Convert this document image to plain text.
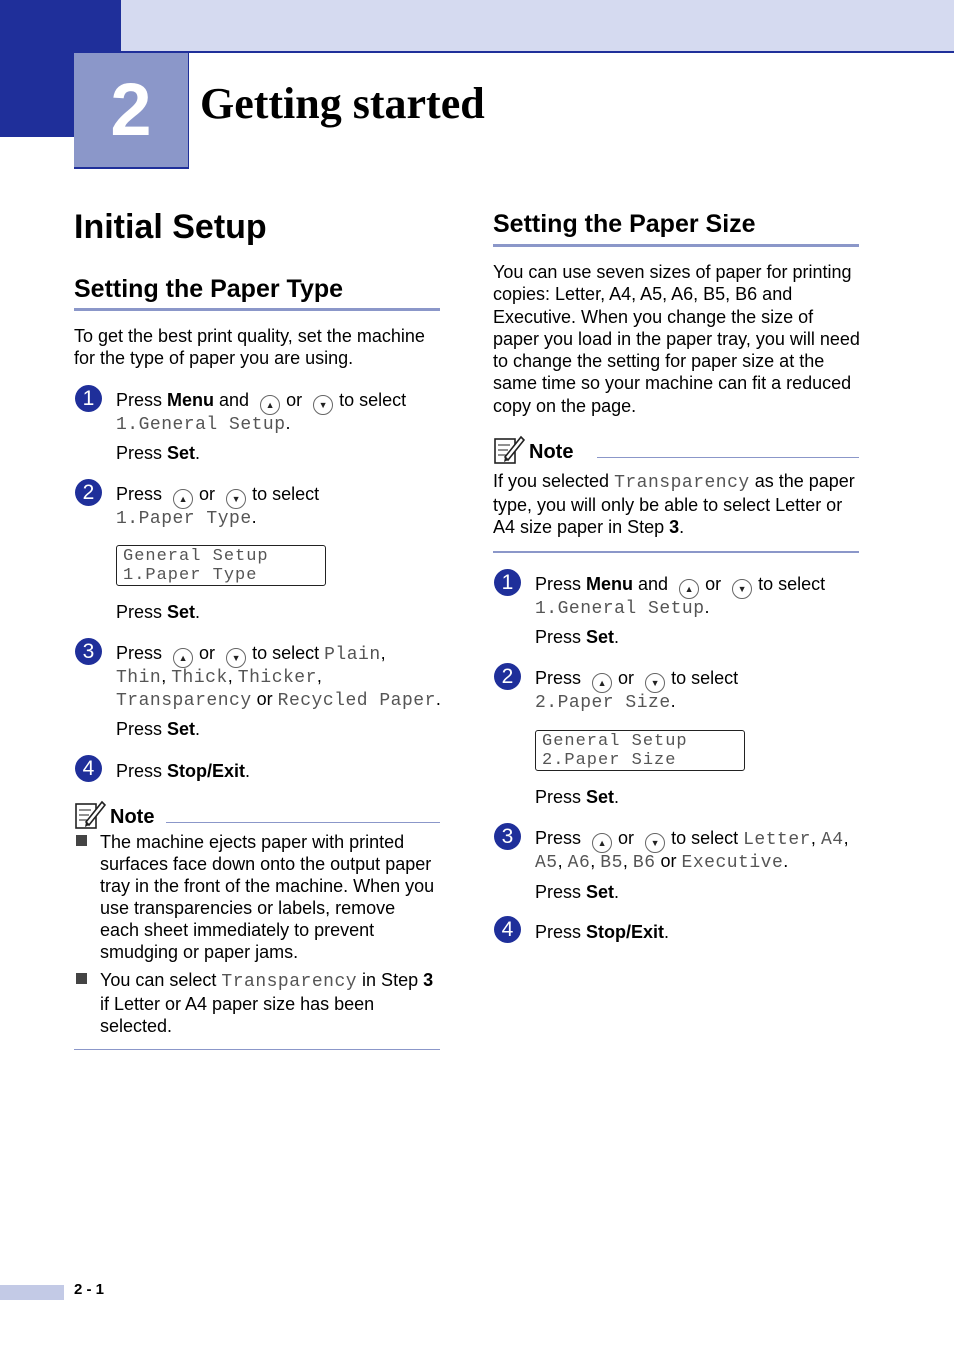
2	Getting started
Initial Setup
Setting the Paper Type
To get the best print quality, set the machine
for the type of paper you are using.
1	Press Menu and ▲ or ▼ to select
1.General Setup.
Press Set.
2	Press ▲ or ▼ to select
1.Paper Type.
General Setup
1.Paper Type
Press Set.
3	Press ▲ or ▼ to select Plain,
Thin, Thick, Thicker,
Transparency or Recycled Paper.
Press Set.
4	Press Stop/Exit.
Note
The machine ejects paper with printed
surfaces face down onto the output paper
tray in the front of the machine. When you
use transparencies or labels, remove
each sheet immediately to prevent
smudging or paper jams.
You can select Transparency in Step 3
if Letter or A4 paper size has been
selected.
Setting the Paper Size
You can use seven sizes of paper for printing
copies: Letter, A4, A5, A6, B5, B6 and
Executive. When you change the size of
paper you load in the paper tray, you will need
to change the setting for paper size at the
same time so your machine can fit a reduced
copy on the page.
Note
If you selected Transparency as the paper
type, you will only be able to select Letter or
A4 size paper in Step 3.
1	Press Menu and ▲ or ▼ to select
1.General Setup.
Press Set.
2	Press ▲ or ▼ to select
2.Paper Size.
General Setup
2.Paper Size
Press Set.
3	Press ▲ or ▼ to select Letter, A4,
A5, A6, B5, B6 or Executive.
Press Set.
4	Press Stop/Exit.
2 - 1
